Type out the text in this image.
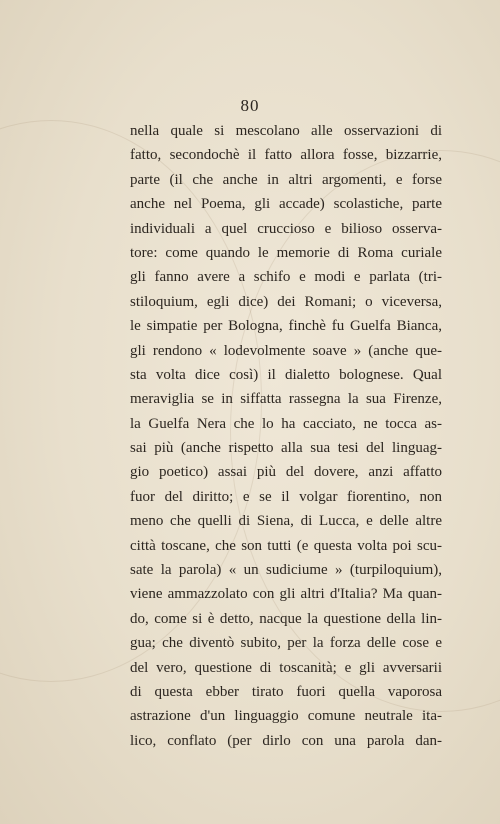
80
nella quale si mescolano alle osservazioni di
fatto, secondochè il fatto allora fosse, bizzarrie,
parte (il che anche in altri argomenti, e forse
anche nel Poema, gli accade) scolastiche, parte
individuali a quel cruccioso e bilioso osserva-
tore: come quando le memorie di Roma curiale
gli fanno avere a schifo e modi e parlata (tri-
stiloquium, egli dice) dei Romani; o viceversa,
le simpatie per Bologna, finchè fu Guelfa Bianca,
gli rendono « lodevolmente soave » (anche que-
sta volta dice così) il dialetto bolognese. Qual
meraviglia se in siffatta rassegna la sua Firenze,
la Guelfa Nera che lo ha cacciato, ne tocca as-
sai più (anche rispetto alla sua tesi del linguag-
gio poetico) assai più del dovere, anzi affatto
fuor del diritto; e se il volgar fiorentino, non
meno che quelli di Siena, di Lucca, e delle altre
città toscane, che son tutti (e questa volta poi scu-
sate la parola) « un sudiciume » (turpiloquium),
viene ammazzolato con gli altri d'Italia? Ma quan-
do, come si è detto, nacque la questione della lin-
gua; che diventò subito, per la forza delle cose e
del vero, questione di toscanità; e gli avversarii
di questa ebber tirato fuori quella vaporosa
astrazione d'un linguaggio comune neutrale ita-
lico, conflato (per dirlo con una parola dan-
